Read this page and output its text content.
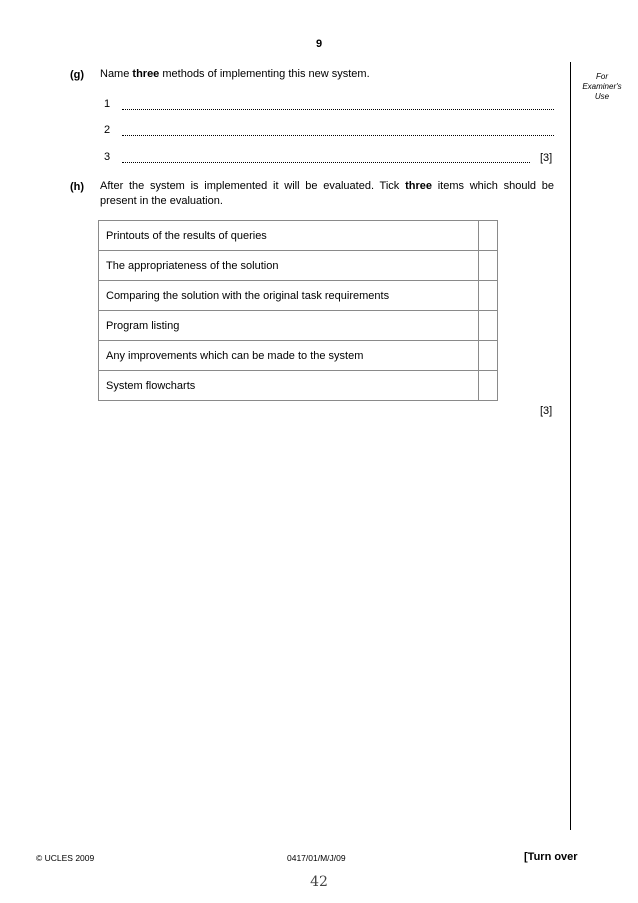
9
For
Examiner's
Use
(g) Name three methods of implementing this new system.
1
2
3	[3]
(h) After the system is implemented it will be evaluated. Tick three items which should be present in the evaluation.
Printouts of the results of queries	
The appropriateness of the solution	
Comparing the solution with the original task requirements	
Program listing	
Any improvements which can be made to the system	
System flowcharts	
[3]
© UCLES 2009	0417/01/M/J/09	[Turn over
42
